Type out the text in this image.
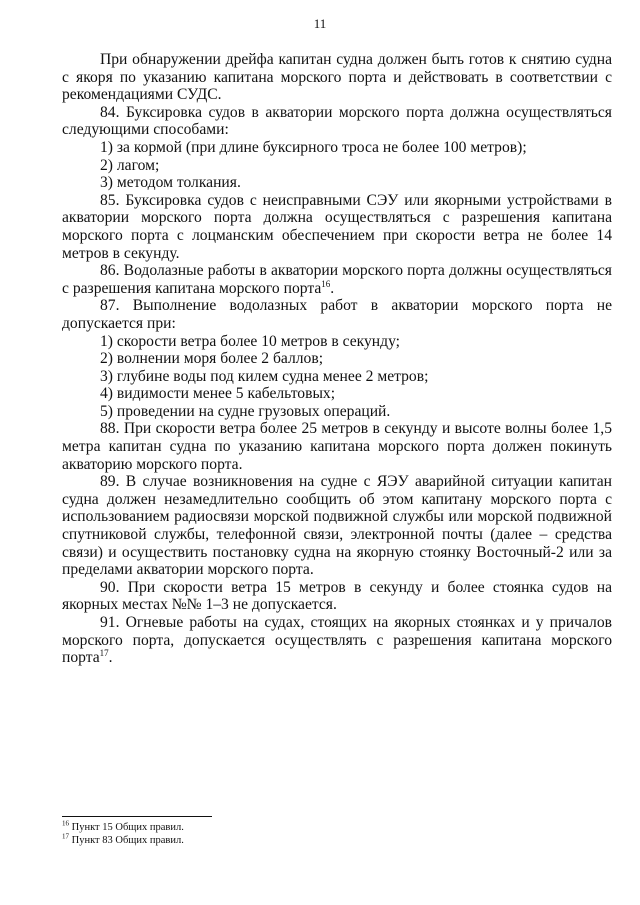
11

При обнаружении дрейфа капитан судна должен быть готов к снятию судна с якоря по указанию капитана морского порта и действовать в соответствии с рекомендациями СУДС.

84. Буксировка судов в акватории морского порта должна осуществляться следующими способами:

1) за кормой (при длине буксирного троса не более 100 метров);

2) лагом;

3) методом толкания.

85. Буксировка судов с неисправными СЭУ или якорными устройствами в акватории морского порта должна осуществляться с разрешения капитана морского порта с лоцманским обеспечением при скорости ветра не более 14 метров в секунду.

86. Водолазные работы в акватории морского порта должны осуществляться с разрешения капитана морского порта$^{16}$.

87. Выполнение водолазных работ в акватории морского порта не допускается при:

1) скорости ветра более 10 метров в секунду;

2) волнении моря более 2 баллов;

3) глубине воды под килем судна менее 2 метров;

4) видимости менее 5 кабельтовых;

5) проведении на судне грузовых операций.

88. При скорости ветра более 25 метров в секунду и высоте волны более 1,5 метра капитан судна по указанию капитана морского порта должен покинуть акваторию морского порта.

89. В случае возникновения на судне с ЯЭУ аварийной ситуации капитан судна должен незамедлительно сообщить об этом капитану морского порта с использованием радиосвязи морской подвижной службы или морской подвижной спутниковой службы, телефонной связи, электронной почты (далее – средства связи) и осуществить постановку судна на якорную стоянку Восточный-2 или за пределами акватории морского порта.

90. При скорости ветра 15 метров в секунду и более стоянка судов на якорных местах №№ 1–3 не допускается.

91. Огневые работы на судах, стоящих на якорных стоянках и у причалов морского порта, допускается осуществлять с разрешения капитана морского порта$^{17}$.

$^{16}$ Пункт 15 Общих правил.

$^{17}$ Пункт 83 Общих правил.
